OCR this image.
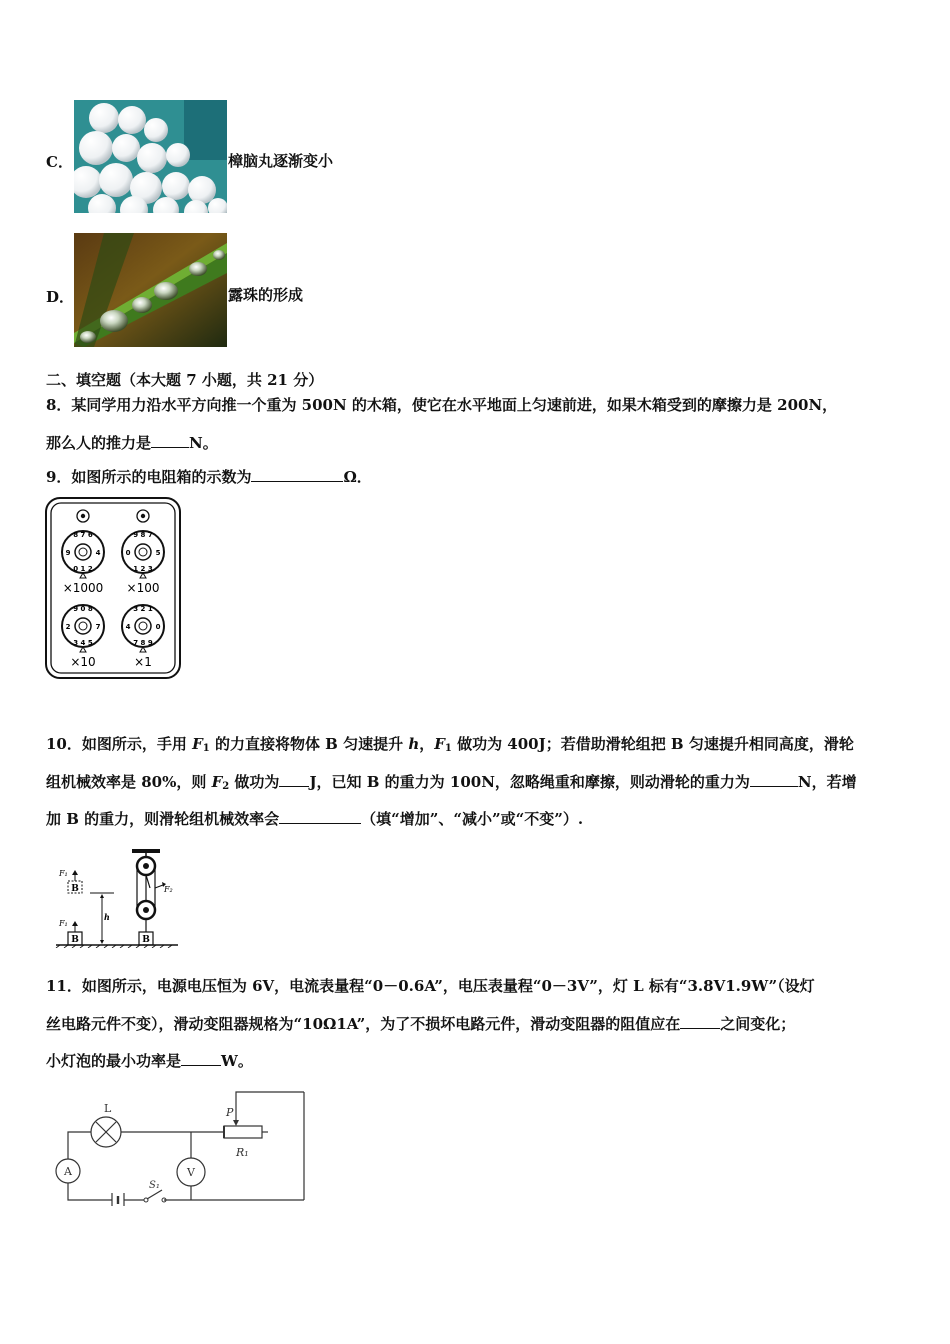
C．	樟脑丸逐渐变小
D．	露珠的形成
二、填空题（本大题 7 小题，共 21 分）
8．某同学用力沿水平方向推一个重为 500N 的木箱，使它在水平地面上匀速前进，如果木箱受到的摩擦力是 200N，
那么人的推力是	N。
9．如图所示的电阻箱的示数为	Ω．
8 7 6
9	4
0 1 2
×1000
9 8 7
0	5
1 2 3
×100
9 0 8
2	7
3 4 5
×10
3 2 1
4	0
7 8 9
×1
10．如图所示，手用 $F_1$ 的力直接将物体 B 匀速提升 h，$F_1$ 做功为 400J；若借助滑轮组把 B 匀速提升相同高度，滑轮
组机械效率是 80%，则 $F_2$ 做功为 J，已知 B 的重力为 100N，忽略绳重和摩擦，则动滑轮的重力为	N，若增
加 B 的重力，则滑轮组机械效率会	（填“增加”、“减小”或“不变”）.
B
F₁
B
F₁
h
F₂
B
11．如图所示，电源电压恒为 6V，电流表量程“0－0.6A”，电压表量程“0－3V”，灯 L 标有“3.8V1.9W”（设灯
丝电路元件不变），滑动变阻器规格为“10Ω1A”，为了不损坏电路元件，滑动变阻器的阻值应在	之间变化；
小灯泡的最小功率是	W。
L
A	V
S₁
P
R₁
